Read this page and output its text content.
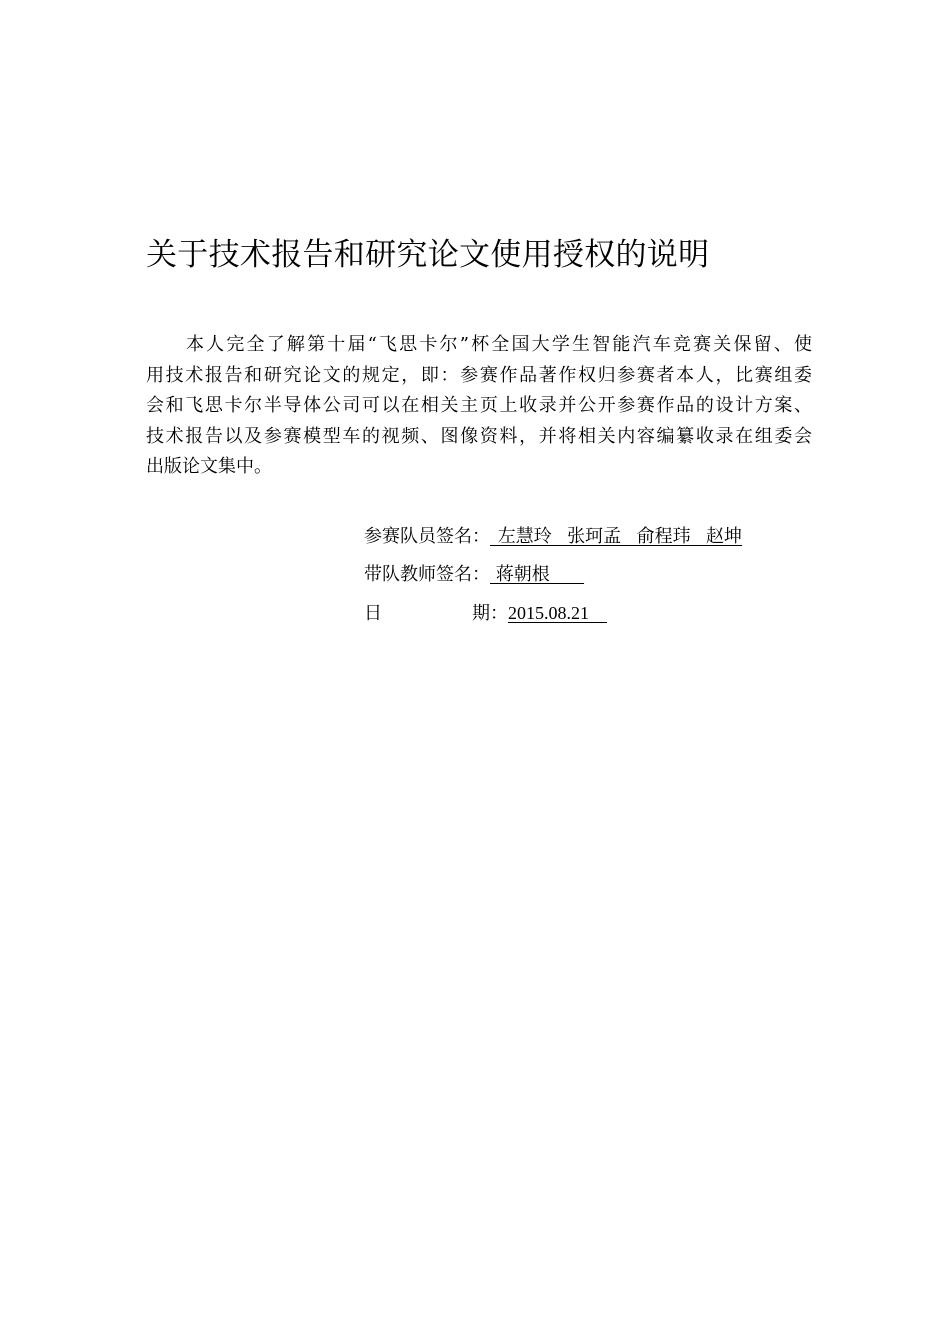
关于技术报告和研究论文使用授权的说明
本人完全了解第十届“飞思卡尔”杯全国大学生智能汽车竞赛关保留、使
用技术报告和研究论文的规定，即：参赛作品著作权归参赛者本人，比赛组委
会和飞思卡尔半导体公司可以在相关主页上收录并公开参赛作品的设计方案、
技术报告以及参赛模型车的视频、图像资料，并将相关内容编纂收录在组委会
出版论文集中。
参赛队员签名： 左慧玲  张珂孟  俞程玮  赵坤
带队教师签名： 蒋朝根
日	期： 2015.08.21
